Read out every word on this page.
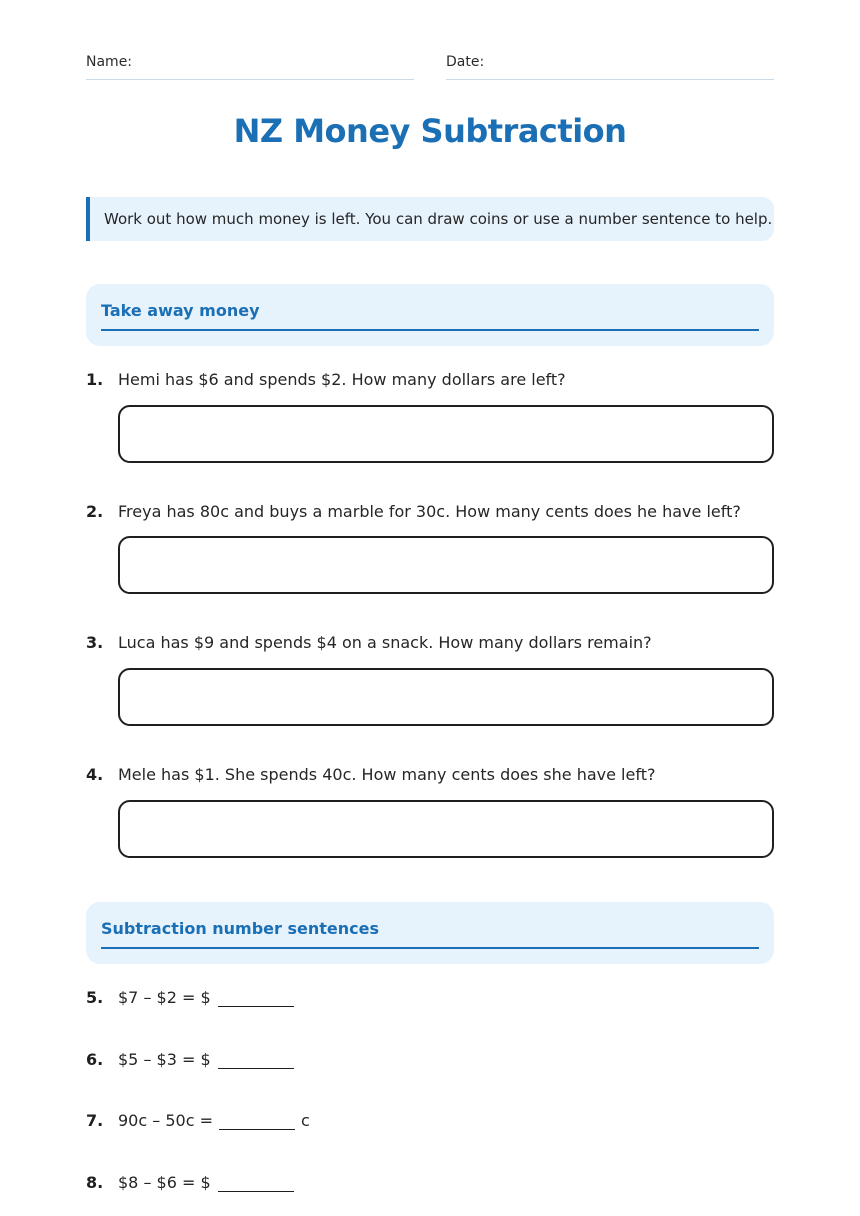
Name:	Date:
NZ Money Subtraction
Work out how much money is left. You can draw coins or use a number sentence to help.
Take away money
1. Hemi has $6 and spends $2. How many dollars are left?
2. Freya has 80c and buys a marble for 30c. How many cents does he have left?
3. Luca has $9 and spends $4 on a snack. How many dollars remain?
4. Mele has $1. She spends 40c. How many cents does she have left?
Subtraction number sentences
5. $7 – $2 = $
6. $5 – $3 = $
7. 90c – 50c =	c
8. $8 – $6 = $
